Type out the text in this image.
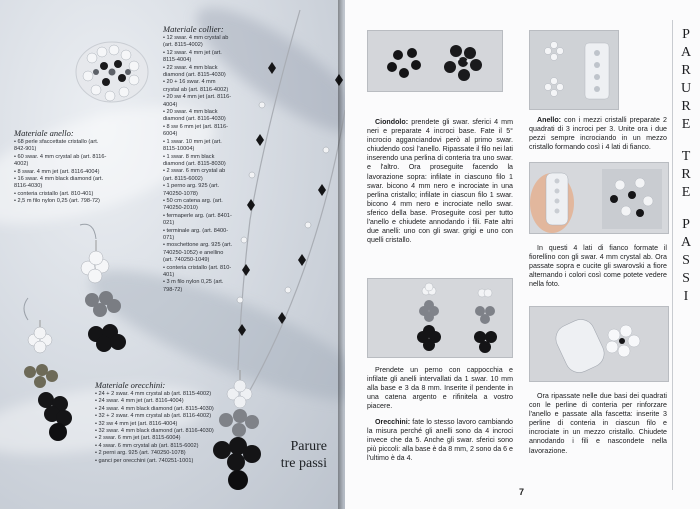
Materiale collier:
• 12 swar. 4 mm crystal ab (art. 8115-4002)
• 12 swar. 4 mm jet (art. 8115-4004)
• 22 swar. 4 mm black diamond (art. 8115-4030)
• 20 + 16 swar. 4 mm crystal ab (art. 8116-4002)
• 20 sw 4 mm jet (art. 8116-4004)
• 20 swar. 4 mm black diamond (art. 8116-4030)
• 8 sw 6 mm jet (art. 8116-6004)
• 1 swar. 10 mm jet (art. 8115-10004)
• 1 swar. 8 mm black diamond (art. 8115-8030)
• 2 swar. 6 mm crystal ab (art. 8115-6002)
• 1 perno arg. 925 (art. 740250-1078)
• 50 cm catena arg. (art. 740250-2010)
• fermaperle arg. (art. 8401-021)
• terminale arg. (art. 8400-071)
• moschettone arg. 925 (art. 740250-1052) e anellino (art. 740250-1049)
• conteria cristallo (art. 810-401)
• 3 m filo nylon 0,25 (art. 798-72)
Materiale anello:
• 68 perle sfaccettate cristallo (art. 842-901)
• 60 swar. 4 mm crystal ab (art. 8116-4002)
• 8 swar. 4 mm jet (art. 8116-4004)
• 16 swar. 4 mm black diamond (art. 8116-4030)
• conteria cristallo (art. 810-401)
• 2,5 m filo nylon 0,25 (art. 798-72)
Materiale orecchini:
• 24 + 2 swar. 4 mm crystal ab (art. 8115-4002)
• 24 swar. 4 mm jet (art. 8116-4004)
• 24 swar. 4 mm black diamond (art. 8115-4030)
• 32 + 2 swar. 4 mm crystal ab (art. 8116-4002)
• 32 sw 4 mm jet (art. 8116-4004)
• 32 swar. 4 mm black diamond (art. 8116-4030)
• 2 swar. 6 mm jet (art. 8115-6004)
• 4 swar. 6 mm crystal ab (art. 8115-6002)
• 2 perni arg. 925 (art. 740250-1078)
• ganci per orecchini (art. 740251-1001)
Parure
tre passi

Ciondolo: prendete gli swar. sferici 4 mm neri e preparate 4 incroci base. Fate il 5° incrocio agganciandovi però al primo swar. chiudendo così l'anello. Ripassate il filo nei lati inserendo una perlina di conteria tra uno swar. e l'altro. Ora proseguite facendo la lavorazione sopra: infilate in ciascuno filo 1 swar. bicono 4 mm nero e incrociate in una perlina cristallo; infilate in ciascun filo 1 swar. bicono 4 mm nero e incrociate nello swar. sferico della base. Proseguite così per tutto l'anello e chiudete annodando i fili. Fate altri due anelli: uno con gli swar. grigi e uno con quelli cristallo.

Prendete un perno con cappocchia e infilate gli anelli intervallati da 1 swar. 10 mm alla base e 3 da 8 mm. Inserite il pendente in una catena argento e rifinitela a vostro piacere.

Orecchini: fate lo stesso lavoro cambiando la misura perché gli anelli sono da 4 incroci invece che da 5. Anche gli swar. sferici sono più piccoli: alla base è da 8 mm, 2 sono da 6 e l'ultimo è da 4.

Anello: con i mezzi cristalli preparate 2 quadrati di 3 incroci per 3. Unite ora i due pezzi sempre incrociando in un mezzo cristallo formando così i 4 lati di fianco.

In questi 4 lati di fianco formate il fiorellino con gli swar. 4 mm crystal ab. Ora passate sopra e cucite gli swarovski a fiore alternando i colori così come potete vedere nella foto.

Ora ripassate nelle due basi dei quadrati con le perline di conteria per rinforzare l'anello e passate alla fascetta: inserite 3 perline di conteria in ciascun filo e incrociate in un mezzo cristallo. Chiudete annodando i fili e nascondete nella lavorazione.

P
A
R
U
R
E
T
R
E
P
A
S
S
I
7
